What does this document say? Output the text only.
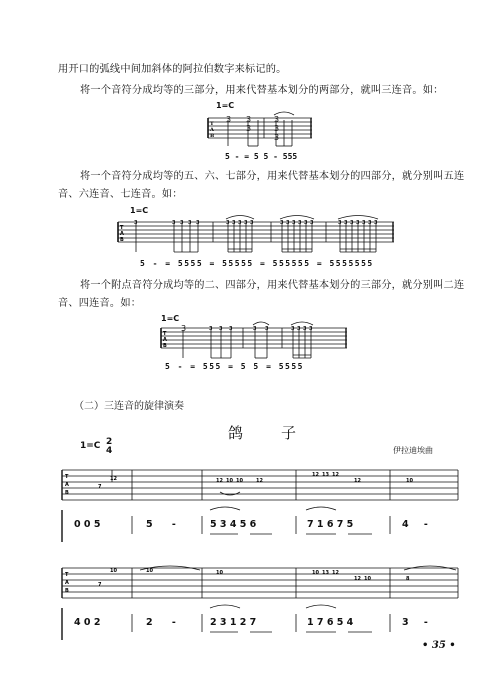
用开口的弧线中间加斜体的阿拉伯数字来标记的。
将一个音符分成均等的三部分，用来代替基本划分的两部分，就叫三连音。如：
1=C
T
A
B
3 3 3
3 3 3
5 - = 5 5 - 555
将一个音符分成均等的五、六、七部分，用来代替基本划分的四部分，就分别叫五连
音、六连音、七连音。如：
1=C
T
A
B
3	3 3 3 3	3 3 3 3 3	3 3 3 3 3 3	3 3 3 3 3 3 3
5 - = 5555 = 55555 = 555555 = 5555555
将一个附点音符分成均等的二、四部分，用来代替基本划分的三部分，就分别叫二连
音、四连音。如：
1=C
T
A
B
3 3 3	3 3	3 3 3 3
3
5 - = 555 = 5 5 = 5555
（二）三连音的旋律演奏
鸽子
1=C 2
4	伊拉迪埃曲
T
A
B
7
12	12 10 10	12
12 13 12
12	10
0 0 5	5 -	5 3 4 5 6	7 1 6 7 5	4 -
T
A
B
7
10	10	10	10 13 12
12 10	8
4 0 2	2 -	2 3 1 2 7	1 7 6 5 4	3 -
• 35 •
